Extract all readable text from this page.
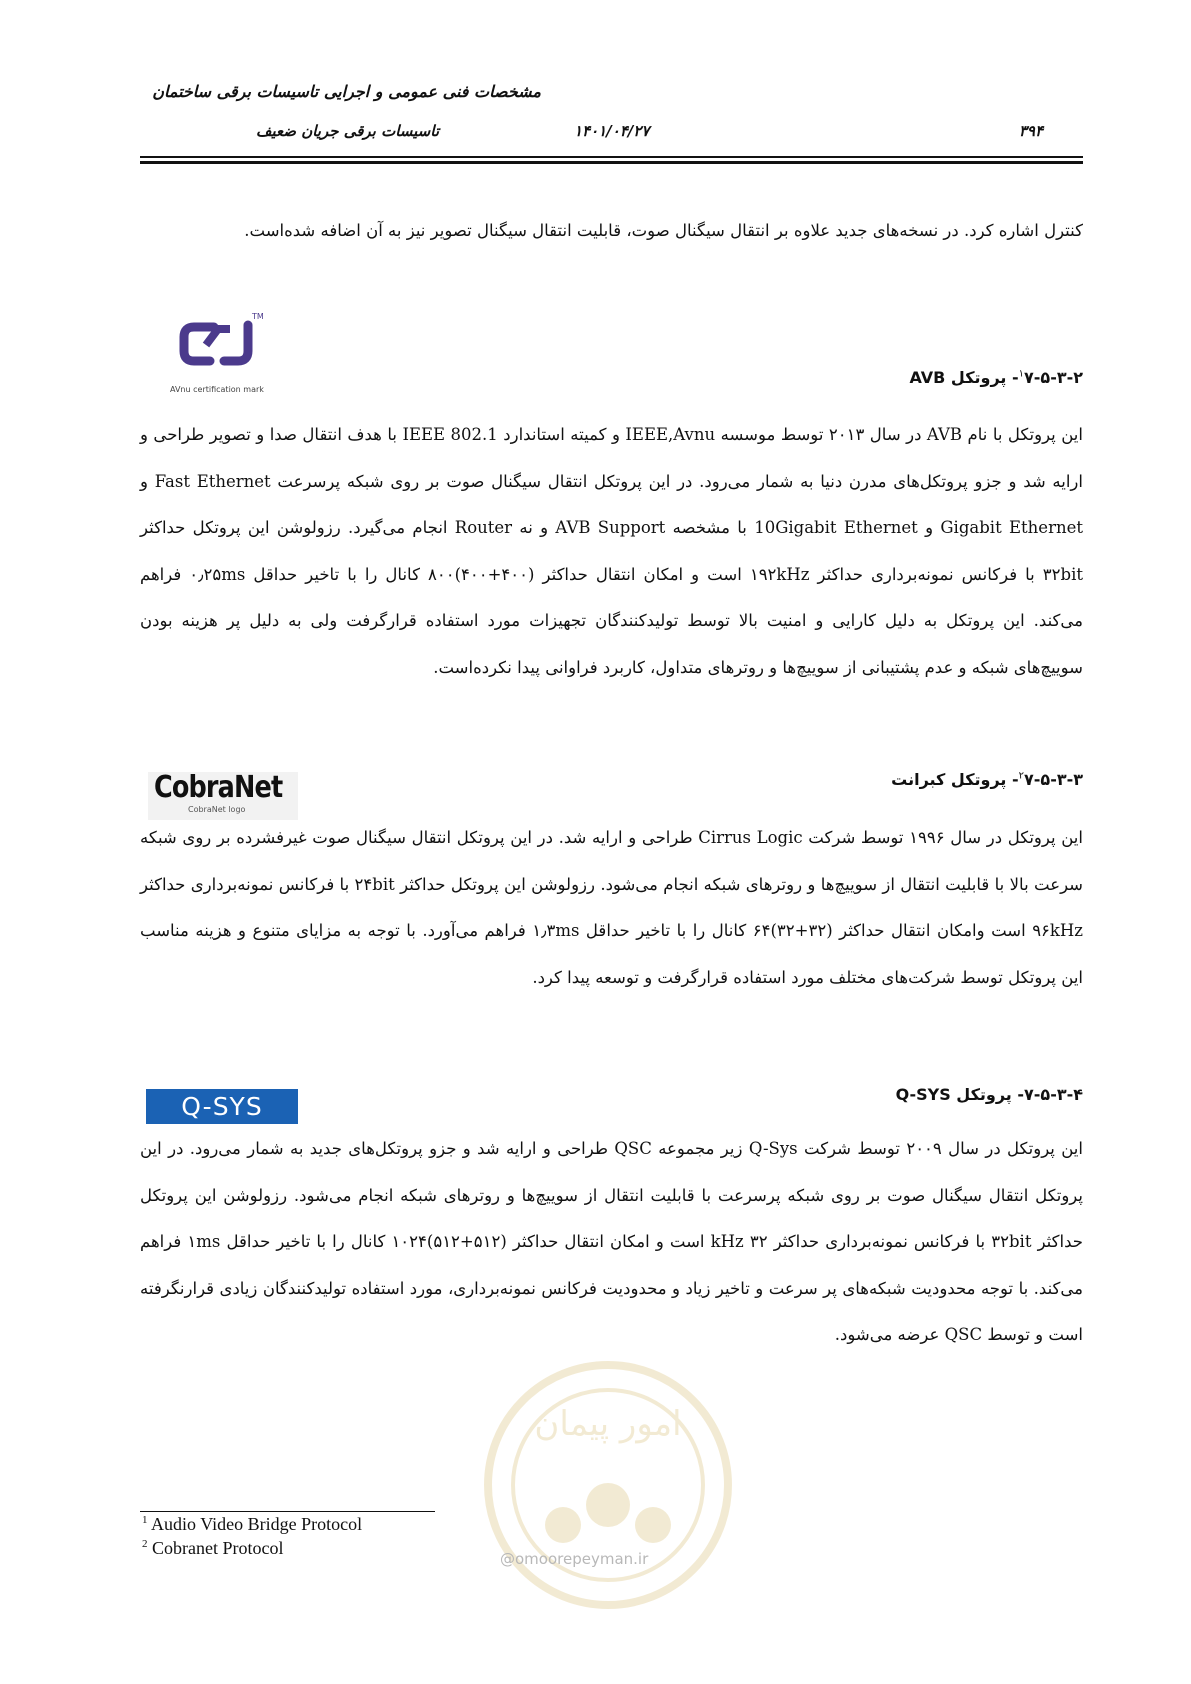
مشخصات فنی عمومی و اجرایی تاسیسات برقی ساختمان
تاسیسات برقی جریان ضعیف	۱۴۰۱/۰۴/۲۷	۳۹۴
کنترل اشاره کرد. در نسخه‌های جدید علاوه بر انتقال سیگنال صوت، قابلیت انتقال سیگنال تصویر نیز به آن اضافه شده‌است.
TM
AVnu certification mark
$^۱$۷-۵-۳-۲- پروتکل AVB
این پروتکل با نام AVB در سال ۲۰۱۳ توسط موسسه IEEE,Avnu و کمیته استاندارد IEEE 802.1 با هدف انتقال صدا و تصویر طراحی و ارایه شد و جزو پروتکل‌های مدرن دنیا به شمار می‌رود. در این پروتکل انتقال سیگنال صوت بر روی شبکه پرسرعت Fast Ethernet و Gigabit Ethernet و 10Gigabit Ethernet با مشخصه AVB Support و نه Router انجام می‌گیرد. رزولوشن این پروتکل حداکثر ۳۲bit با فرکانس نمونه‌برداری حداکثر ۱۹۲kHz است و امکان انتقال حداکثر (۴۰۰+۴۰۰)۸۰۰ کانال را با تاخیر حداقل ۰٫۲۵ms فراهم می‌کند. این پروتکل به دلیل کارایی و امنیت بالا توسط تولیدکنندگان تجهیزات مورد استفاده قرارگرفت ولی به دلیل پر هزینه بودن سوییچ‌های شبکه و عدم پشتیبانی از سوییچ‌ها و روترهای متداول، کاربرد فراوانی پیدا نکرده‌است.
CobraNet
CobraNet logo
$^۲$۷-۵-۳-۳- پروتکل کبرانت
این پروتکل در سال ۱۹۹۶ توسط شرکت Cirrus Logic طراحی و ارایه شد. در این پروتکل انتقال سیگنال صوت غیرفشرده بر روی شبکه سرعت بالا با قابلیت انتقال از سوییچ‌ها و روترهای شبکه انجام می‌شود. رزولوشن این پروتکل حداکثر ۲۴bit با فرکانس نمونه‌برداری حداکثر ۹۶kHz است وامکان انتقال حداکثر (۳۲+۳۲)۶۴ کانال را با تاخیر حداقل ۱٫۳ms فراهم می‌آورد. با توجه به مزایای متنوع و هزینه مناسب این پروتکل توسط شرکت‌های مختلف مورد استفاده قرارگرفت و توسعه پیدا کرد.
Q-SYS	۷-۵-۳-۴- پروتکل Q-SYS
این پروتکل در سال ۲۰۰۹ توسط شرکت Q-Sys زیر مجموعه QSC طراحی و ارایه شد و جزو پروتکل‌های جدید به شمار می‌رود. در این پروتکل انتقال سیگنال صوت بر روی شبکه پرسرعت با قابلیت انتقال از سوییچ‌ها و روترهای شبکه انجام می‌شود. رزولوشن این پروتکل حداکثر ۳۲bit با فرکانس نمونه‌برداری حداکثر ۳۲ kHz است و امکان انتقال حداکثر (۵۱۲+۵۱۲)۱۰۲۴ کانال را با تاخیر حداقل ۱ms فراهم می‌کند. با توجه محدودیت شبکه‌های پر سرعت و تاخیر زیاد و محدودیت فرکانس نمونه‌برداری، مورد استفاده تولیدکنندگان زیادی قرارنگرفته است و توسط QSC عرضه می‌شود.
امور پیمان
@omoorepeyman.ir
$^1$ Audio Video Bridge Protocol
$^2$ Cobranet Protocol
